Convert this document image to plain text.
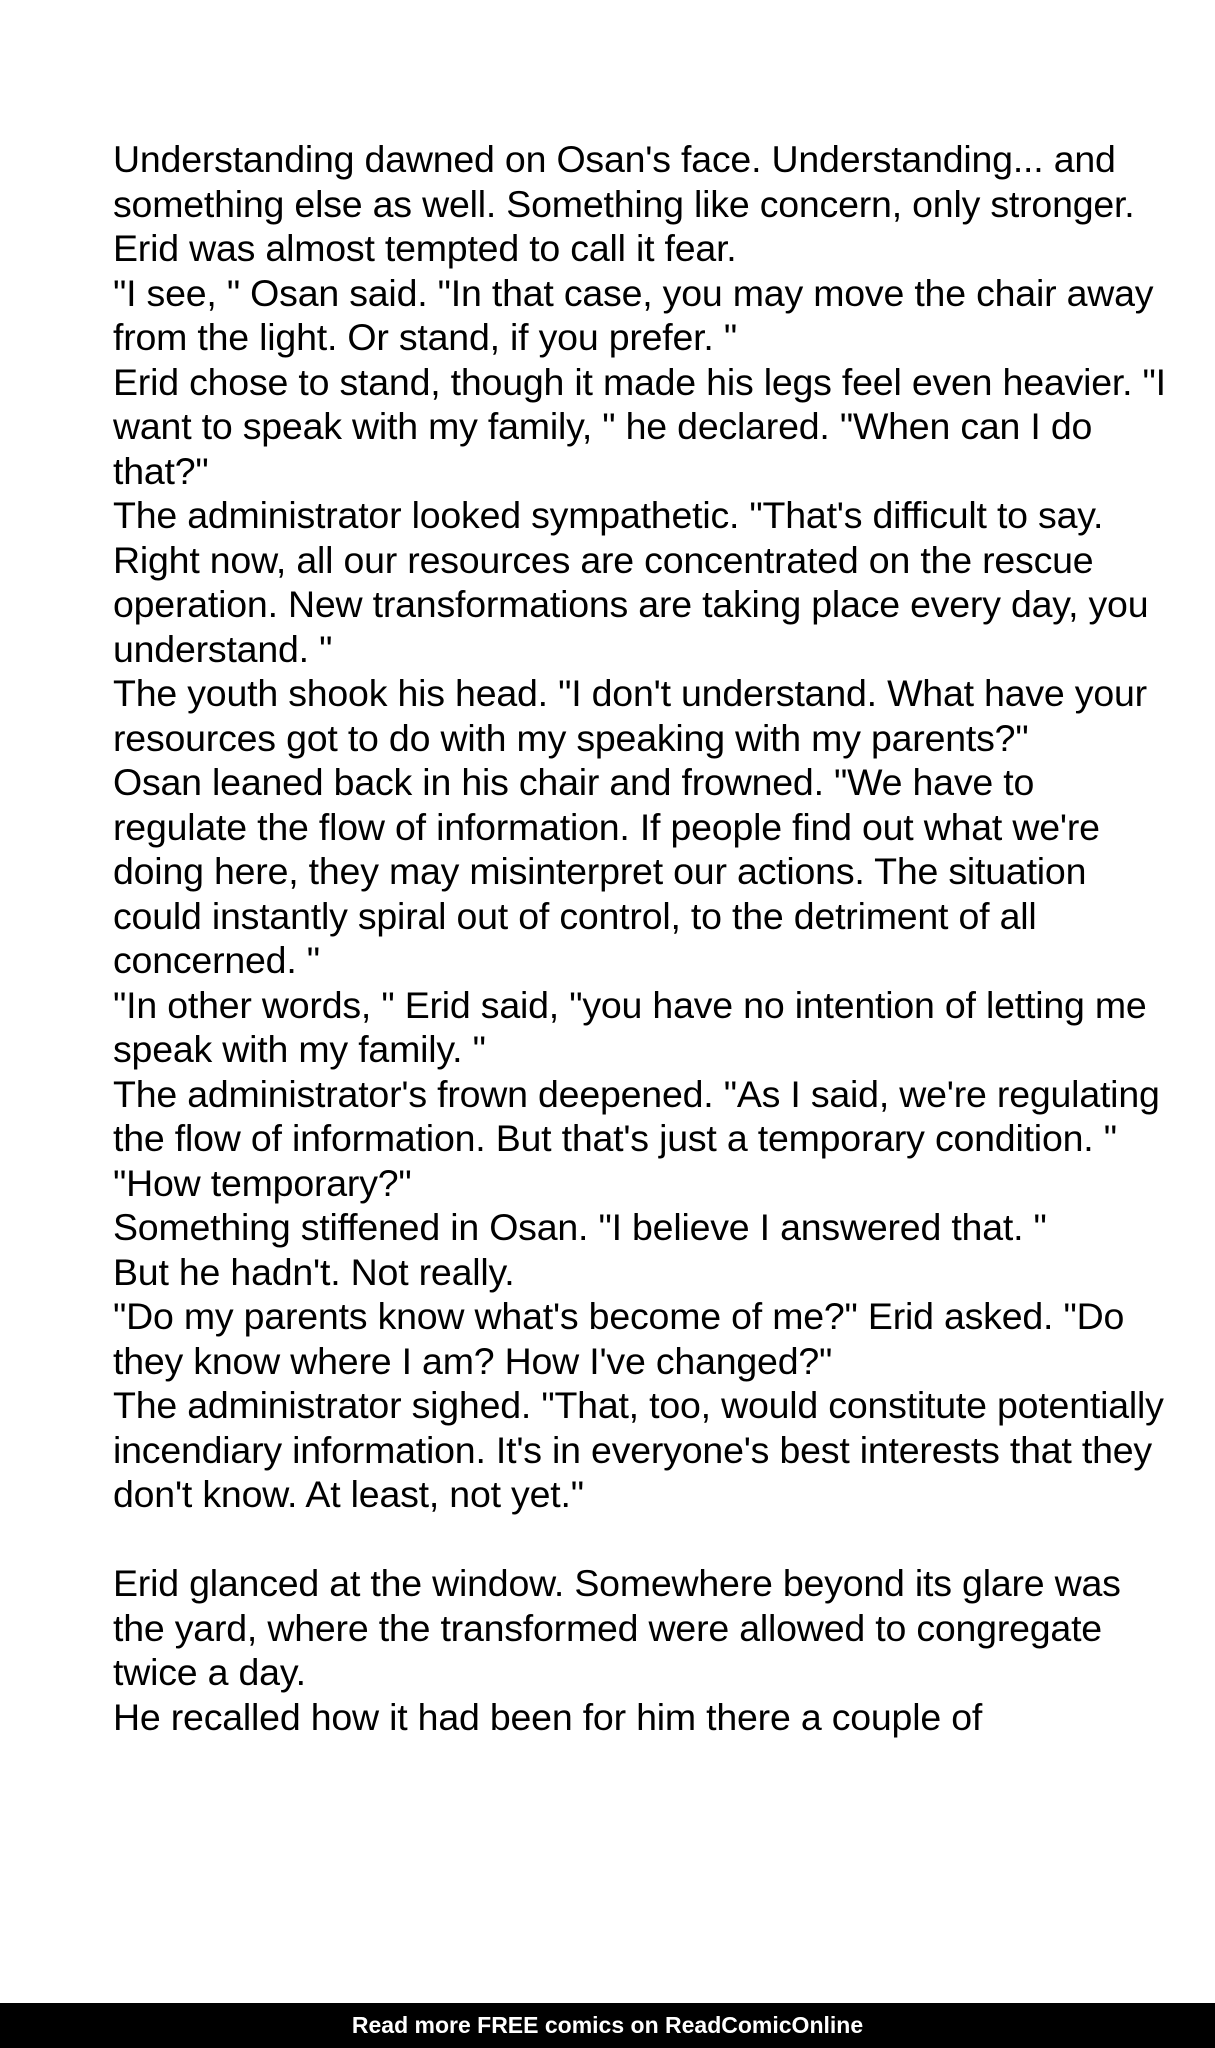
Understanding dawned on Osan's face. Understanding... and something else as well. Something like concern, only stronger.

Erid was almost tempted to call it fear.

"I see, " Osan said. "In that case, you may move the chair away from the light. Or stand, if you prefer. "

Erid chose to stand, though it made his legs feel even heavier. "I want to speak with my family, " he declared. "When can I do that?"

The administrator looked sympathetic. "That's difficult to say. Right now, all our resources are concentrated on the rescue operation. New transformations are taking place every day, you understand. "

The youth shook his head. "I don't understand. What have your resources got to do with my speaking with my parents?"

Osan leaned back in his chair and frowned. "We have to regulate the flow of information. If people find out what we're doing here, they may misinterpret our actions. The situation could instantly spiral out of control, to the detriment of all concerned. "

"In other words, " Erid said, "you have no intention of letting me speak with my family. "

The administrator's frown deepened. "As I said, we're regulating the flow of information. But that's just a temporary condition. "

"How temporary?"

Something stiffened in Osan. "I believe I answered that. "

But he hadn't. Not really.

"Do my parents know what's become of me?" Erid asked. "Do they know where I am? How I've changed?"

The administrator sighed. "That, too, would constitute potentially incendiary information. It's in everyone's best interests that they don't know. At least, not yet."

Erid glanced at the window. Somewhere beyond its glare was the yard, where the transformed were allowed to congregate twice a day.

He recalled how it had been for him there a couple of

Read more FREE comics on ReadComicOnline
